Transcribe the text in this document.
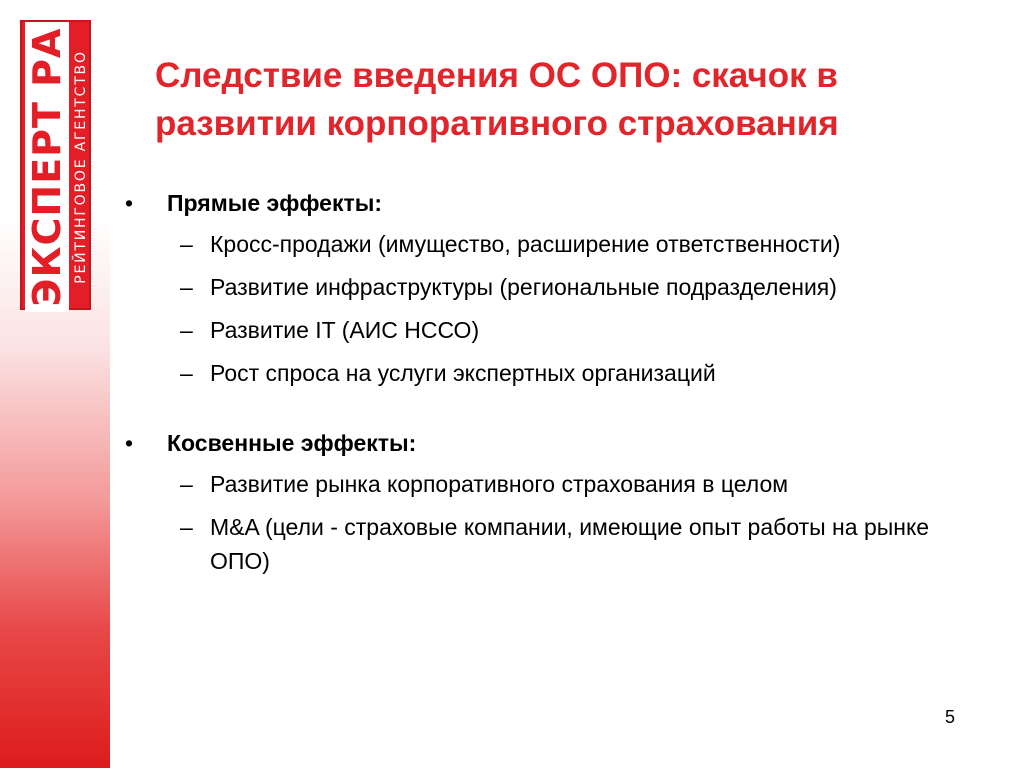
ЭКСПЕРТ РА РЕЙТИНГОВОЕ АГЕНТСТВО Следствие введения ОС ОПО: скачок в развитии корпоративного страхования
• Прямые эффекты:
– Кросс-продажи (имущество, расширение ответственности)
– Развитие инфраструктуры (региональные подразделения)
– Развитие IT (АИС НССО)
– Рост спроса на услуги экспертных организаций
• Косвенные эффекты:
– Развитие рынка корпоративного страхования в целом
– M&A (цели - страховые компании, имеющие опыт работы на рынке ОПО)
5
